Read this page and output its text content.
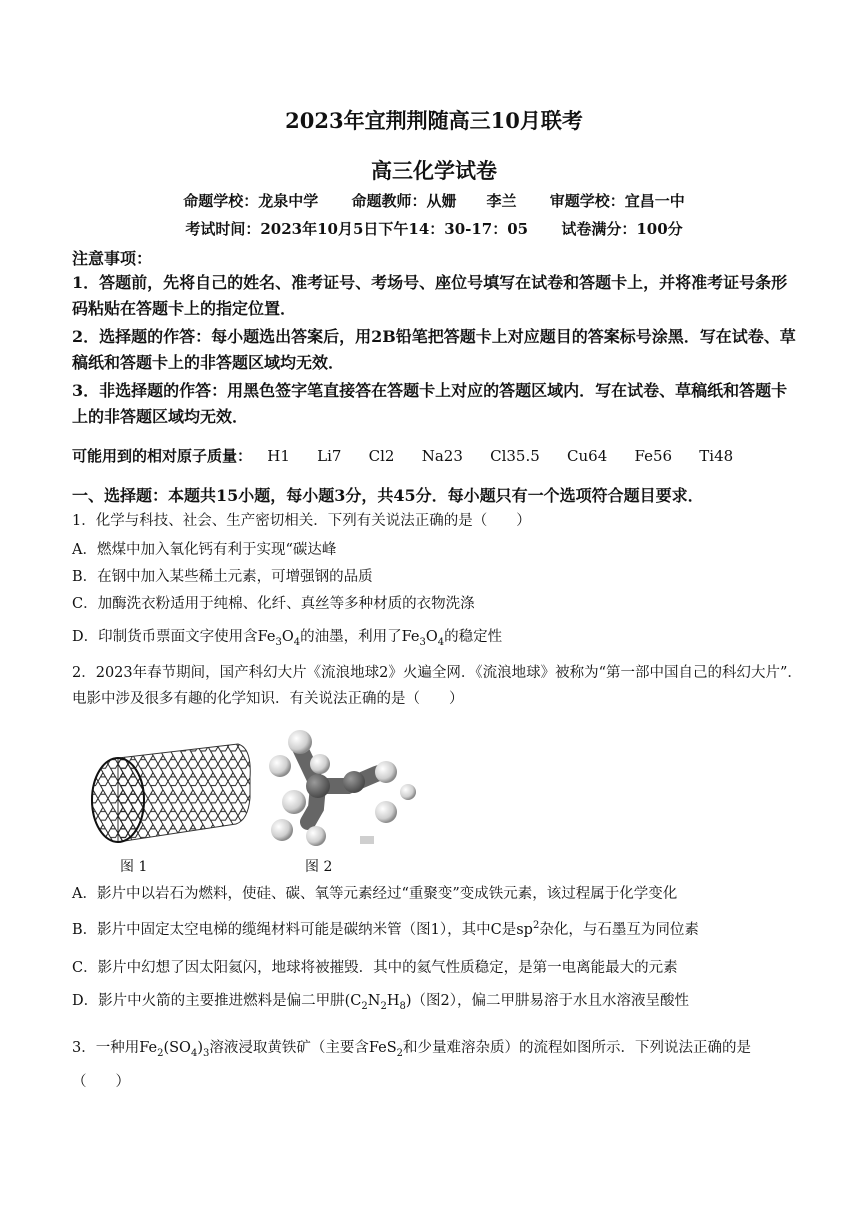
2023年宜荆荆随高三10月联考
高三化学试卷
命题学校：龙泉中学 命题教师：从姗　　李兰 审题学校：宜昌一中
考试时间：2023年10月5日下午14：30-17：05 试卷满分：100分
注意事项：
1．答题前，先将自己的姓名、准考证号、考场号、座位号填写在试卷和答题卡上，并将准考证号条形码粘贴在答题卡上的指定位置．
2．选择题的作答：每小题选出答案后，用2B铅笔把答题卡上对应题目的答案标号涂黑．写在试卷、草稿纸和答题卡上的非答题区域均无效．
3．非选择题的作答：用黑色签字笔直接答在答题卡上对应的答题区域内．写在试卷、草稿纸和答题卡上的非答题区域均无效．
可能用到的相对原子质量： H1 Li7 Cl2 Na23 Cl35.5 Cu64 Fe56 Ti48
一、选择题：本题共15小题，每小题3分，共45分．每小题只有一个选项符合题目要求．
1．化学与科技、社会、生产密切相关．下列有关说法正确的是（　　）
A．燃煤中加入氧化钙有利于实现“碳达峰
B．在钢中加入某些稀土元素，可增强钢的品质
C．加酶洗衣粉适用于纯棉、化纤、真丝等多种材质的衣物洗涤
D．印制货币票面文字使用含$Fe_3O_4$的油墨，利用了$Fe_3O_4$的稳定性
2．2023年春节期间，国产科幻大片《流浪地球2》火遍全网．《流浪地球》被称为“第一部中国自己的科幻大片”．电影中涉及很多有趣的化学知识．有关说法正确的是（　　）
图 1	图 2
A．影片中以岩石为燃料，使硅、碳、氧等元素经过“重聚变”变成铁元素，该过程属于化学变化
B．影片中固定太空电梯的缆绳材料可能是碳纳米管（图1），其中C是$sp^2$杂化，与石墨互为同位素
C．影片中幻想了因太阳氦闪，地球将被摧毁．其中的氦气性质稳定，是第一电离能最大的元素
D．影片中火箭的主要推进燃料是偏二甲肼$(C_2N_2H_8)$（图2），偏二甲肼易溶于水且水溶液呈酸性
3．一种用$Fe_2(SO_4)_3$溶液浸取黄铁矿（主要含FeS$_2$和少量难溶杂质）的流程如图所示．下列说法正确的是
（　　）
